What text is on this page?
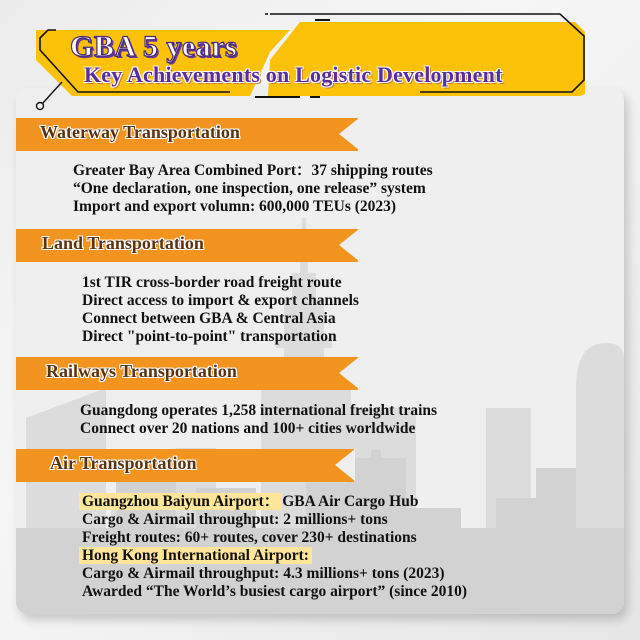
GBA 5 years
Key Achievements on Logistic Development
Waterway Transportation
Greater Bay Area Combined Port：37 shipping routes
“One declaration, one inspection, one release” system
Import and export volumn: 600,000 TEUs (2023)
Land Transportation
1st TIR cross-border road freight route
Direct access to import & export channels
Connect between GBA & Central Asia
Direct "point-to-point" transportation
Railways Transportation
Guangdong operates 1,258 international freight trains
Connect over 20 nations and 100+ cities worldwide
Air Transportation
Guangzhou Baiyun Airport： GBA Air Cargo Hub
Cargo & Airmail throughput: 2 millions+ tons
Freight routes: 60+ routes, cover 230+ destinations
Hong Kong International Airport:
Cargo & Airmail throughput: 4.3 millions+ tons (2023)
Awarded “The World’s busiest cargo airport” (since 2010)
